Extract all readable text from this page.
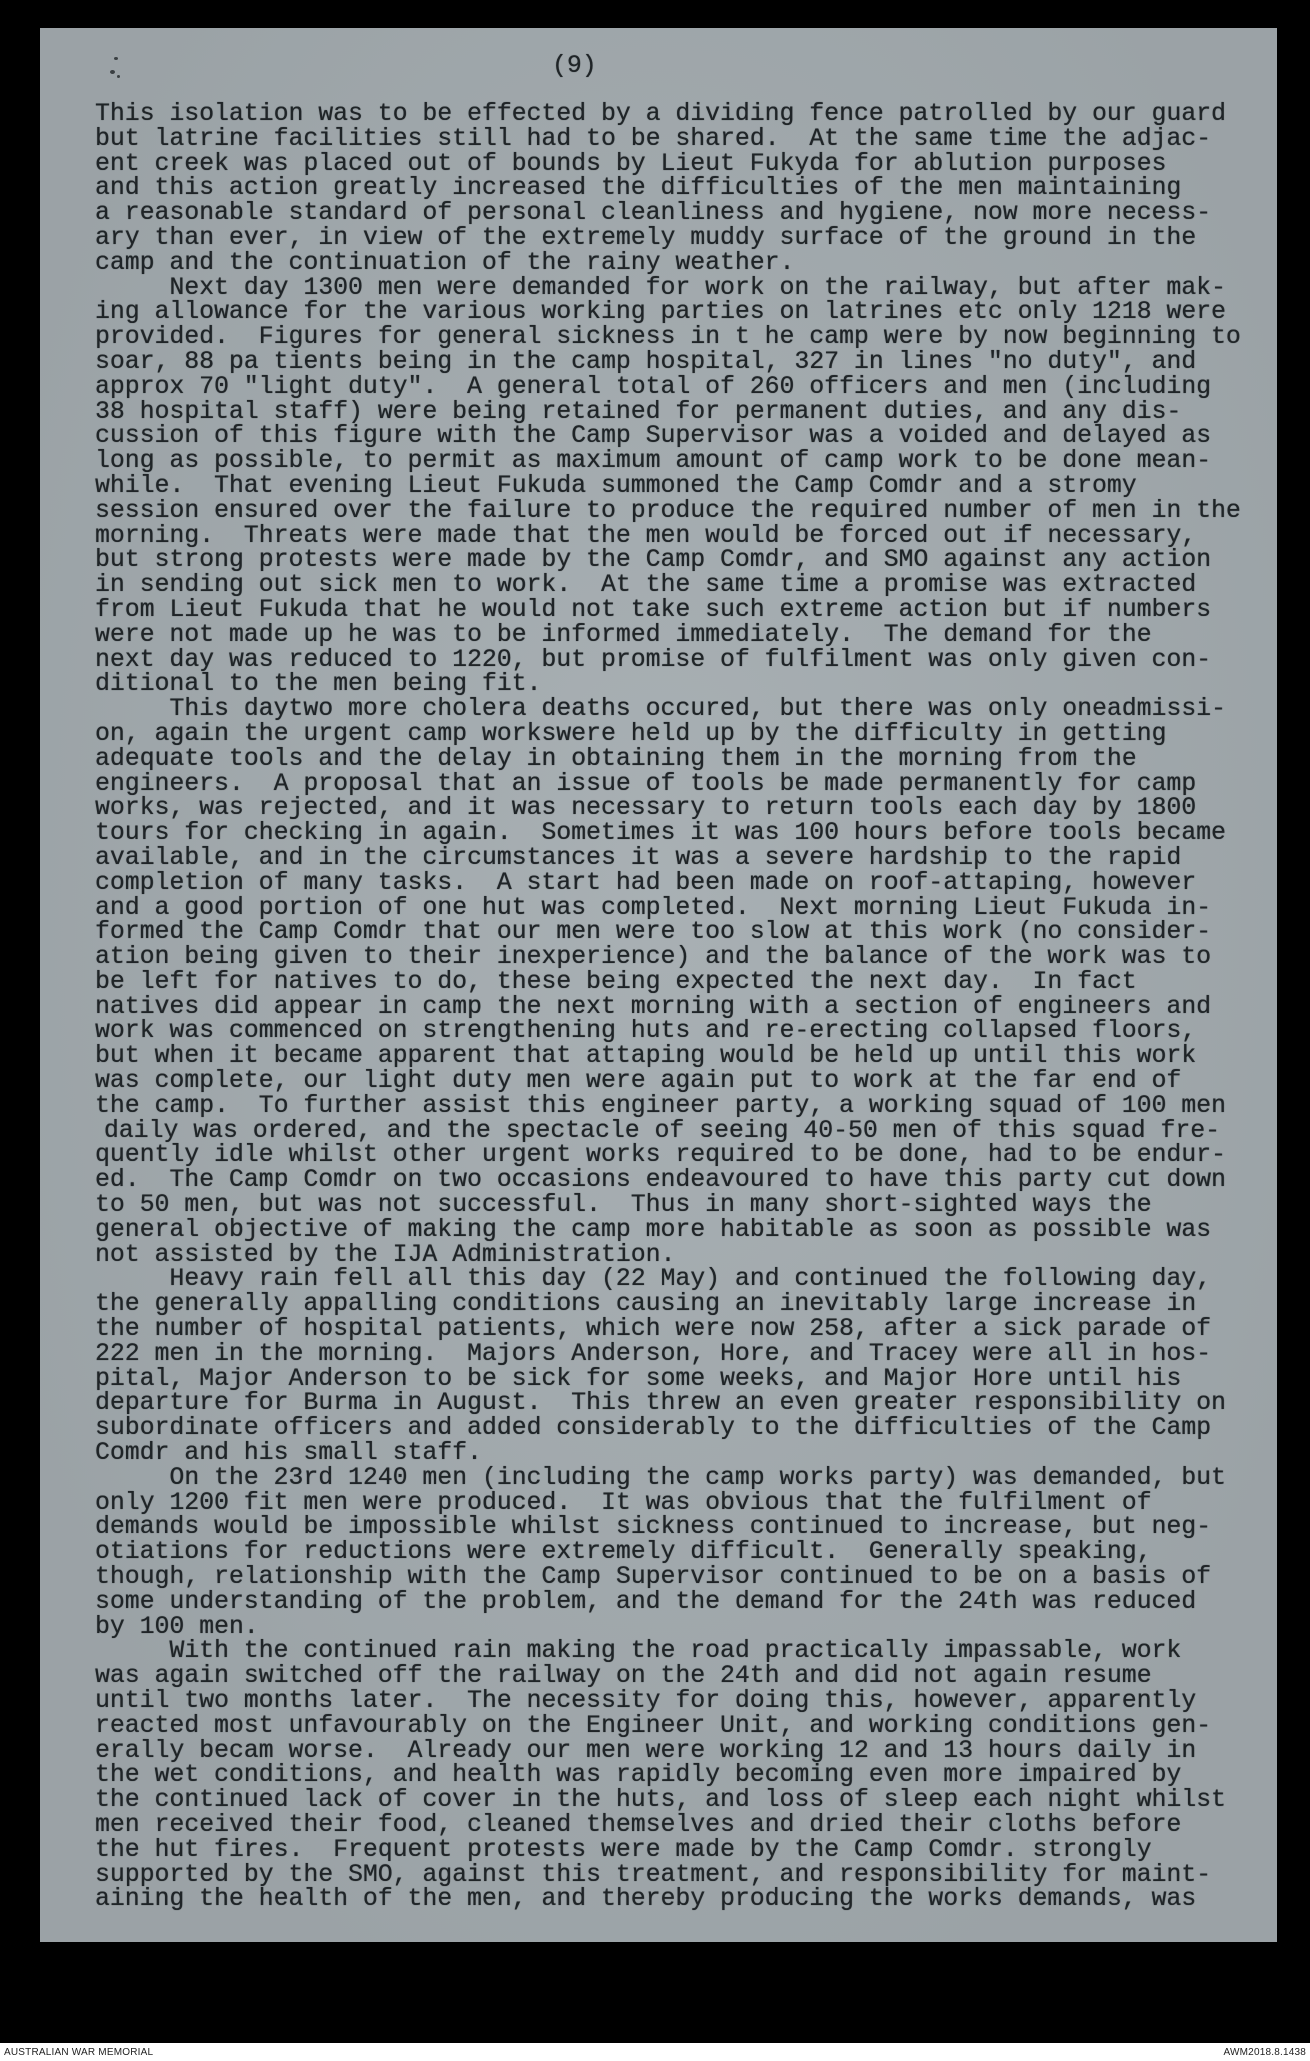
(9)
This isolation was to be effected by a dividing fence patrolled by our guard
but latrine facilities still had to be shared.  At the same time the adjac-
ent creek was placed out of bounds by Lieut Fukyda for ablution purposes
and this action greatly increased the difficulties of the men maintaining
a reasonable standard of personal cleanliness and hygiene, now more necess-
ary than ever, in view of the extremely muddy surface of the ground in the
camp and the continuation of the rainy weather.
Next day 1300 men were demanded for work on the railway, but after mak-
ing allowance for the various working parties on latrines etc only 1218 were
provided.  Figures for general sickness in t he camp were by now beginning to
soar, 88 pa tients being in the camp hospital, 327 in lines "no duty", and
approx 70 "light duty".  A general total of 260 officers and men (including
38 hospital staff) were being retained for permanent duties, and any dis-
cussion of this figure with the Camp Supervisor was a voided and delayed as
long as possible, to permit as maximum amount of camp work to be done mean-
while.  That evening Lieut Fukuda summoned the Camp Comdr and a stromy
session ensured over the failure to produce the required number of men in the
morning.  Threats were made that the men would be forced out if necessary,
but strong protests were made by the Camp Comdr, and SMO against any action
in sending out sick men to work.  At the same time a promise was extracted
from Lieut Fukuda that he would not take such extreme action but if numbers
were not made up he was to be informed immediately.  The demand for the
next day was reduced to 1220, but promise of fulfilment was only given con-
ditional to the men being fit.
This daytwo more cholera deaths occured, but there was only oneadmissi-
on, again the urgent camp workswere held up by the difficulty in getting
adequate tools and the delay in obtaining them in the morning from the
engineers.  A proposal that an issue of tools be made permanently for camp
works, was rejected, and it was necessary to return tools each day by 1800
tours for checking in again.  Sometimes it was 100 hours before tools became
available, and in the circumstances it was a severe hardship to the rapid
completion of many tasks.  A start had been made on roof-attaping, however
and a good portion of one hut was completed.  Next morning Lieut Fukuda in-
formed the Camp Comdr that our men were too slow at this work (no consider-
ation being given to their inexperience) and the balance of the work was to
be left for natives to do, these being expected the next day.  In fact
natives did appear in camp the next morning with a section of engineers and
work was commenced on strengthening huts and re-erecting collapsed floors,
but when it became apparent that attaping would be held up until this work
was complete, our light duty men were again put to work at the far end of
the camp.  To further assist this engineer party, a working squad of 100 men
daily was ordered, and the spectacle of seeing 40-50 men of this squad fre-
quently idle whilst other urgent works required to be done, had to be endur-
ed.  The Camp Comdr on two occasions endeavoured to have this party cut down
to 50 men, but was not successful.  Thus in many short-sighted ways the
general objective of making the camp more habitable as soon as possible was
not assisted by the IJA Administration.
Heavy rain fell all this day (22 May) and continued the following day,
the generally appalling conditions causing an inevitably large increase in
the number of hospital patients, which were now 258, after a sick parade of
222 men in the morning.  Majors Anderson, Hore, and Tracey were all in hos-
pital, Major Anderson to be sick for some weeks, and Major Hore until his
departure for Burma in August.  This threw an even greater responsibility on
subordinate officers and added considerably to the difficulties of the Camp
Comdr and his small staff.
On the 23rd 1240 men (including the camp works party) was demanded, but
only 1200 fit men were produced.  It was obvious that the fulfilment of
demands would be impossible whilst sickness continued to increase, but neg-
otiations for reductions were extremely difficult.  Generally speaking,
though, relationship with the Camp Supervisor continued to be on a basis of
some understanding of the problem, and the demand for the 24th was reduced
by 100 men.
With the continued rain making the road practically impassable, work
was again switched off the railway on the 24th and did not again resume
until two months later.  The necessity for doing this, however, apparently
reacted most unfavourably on the Engineer Unit, and working conditions gen-
erally becam worse.  Already our men were working 12 and 13 hours daily in
the wet conditions, and health was rapidly becoming even more impaired by
the continued lack of cover in the huts, and loss of sleep each night whilst
men received their food, cleaned themselves and dried their cloths before
the hut fires.  Frequent protests were made by the Camp Comdr. strongly
supported by the SMO, against this treatment, and responsibility for maint-
aining the health of the men, and thereby producing the works demands, was
AUSTRALIAN WAR MEMORIAL	AWM2018.8.1438
